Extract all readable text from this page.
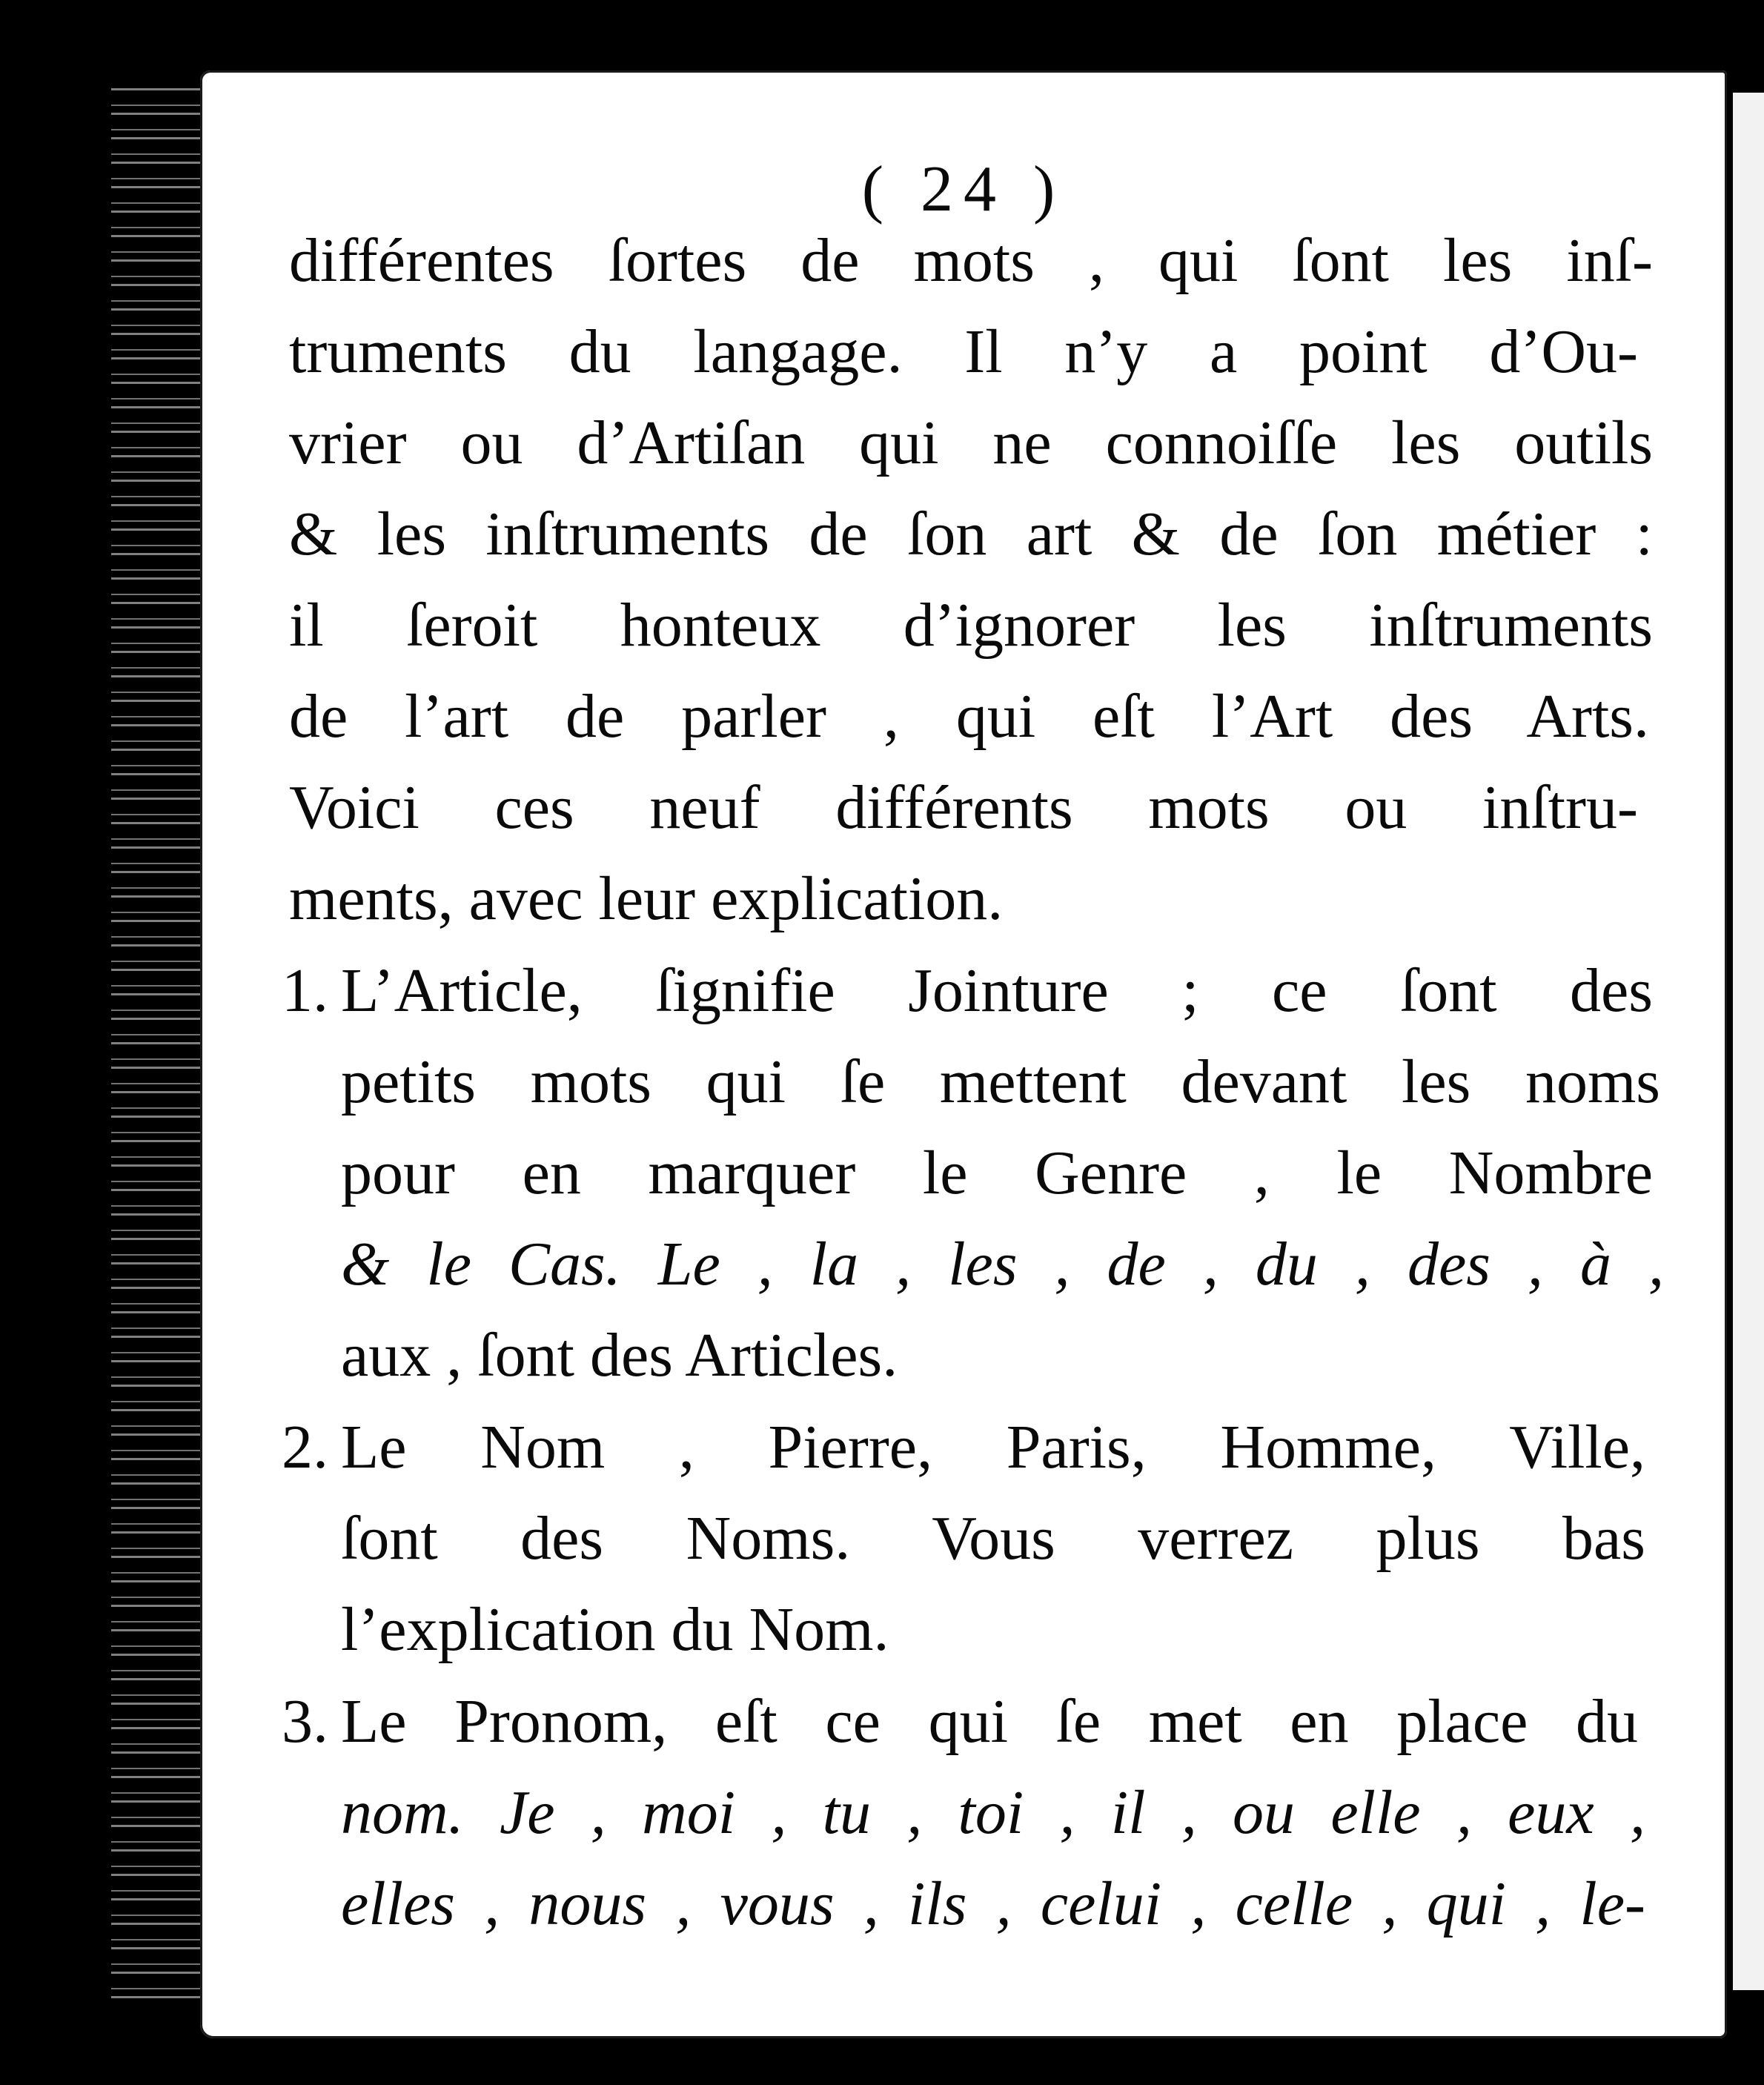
( 24 )
différentes ſortes de mots , qui ſont les inſ-
truments du langage. Il n’y a point d’Ou-
vrier ou d’Artiſan qui ne connoiſſe les outils
& les inſtruments de ſon art & de ſon métier :
il ſeroit honteux d’ignorer les inſtruments
de l’art de parler , qui eſt l’Art des Arts.
Voici ces neuf différents mots ou inſtru-
ments, avec leur explication.
1. L’Article, ſignifie Jointure ; ce ſont des
petits mots qui ſe mettent devant les noms
pour en marquer le Genre , le Nombre
& le Cas. Le , la , les , de , du , des , à ,
aux , ſont des Articles.
2. Le Nom , Pierre, Paris, Homme, Ville,
ſont des Noms. Vous verrez plus bas
l’explication du Nom.
3. Le Pronom, eſt ce qui ſe met en place du
nom. Je , moi , tu , toi , il , ou elle , eux ,
elles , nous , vous , ils , celui , celle , qui , le-
